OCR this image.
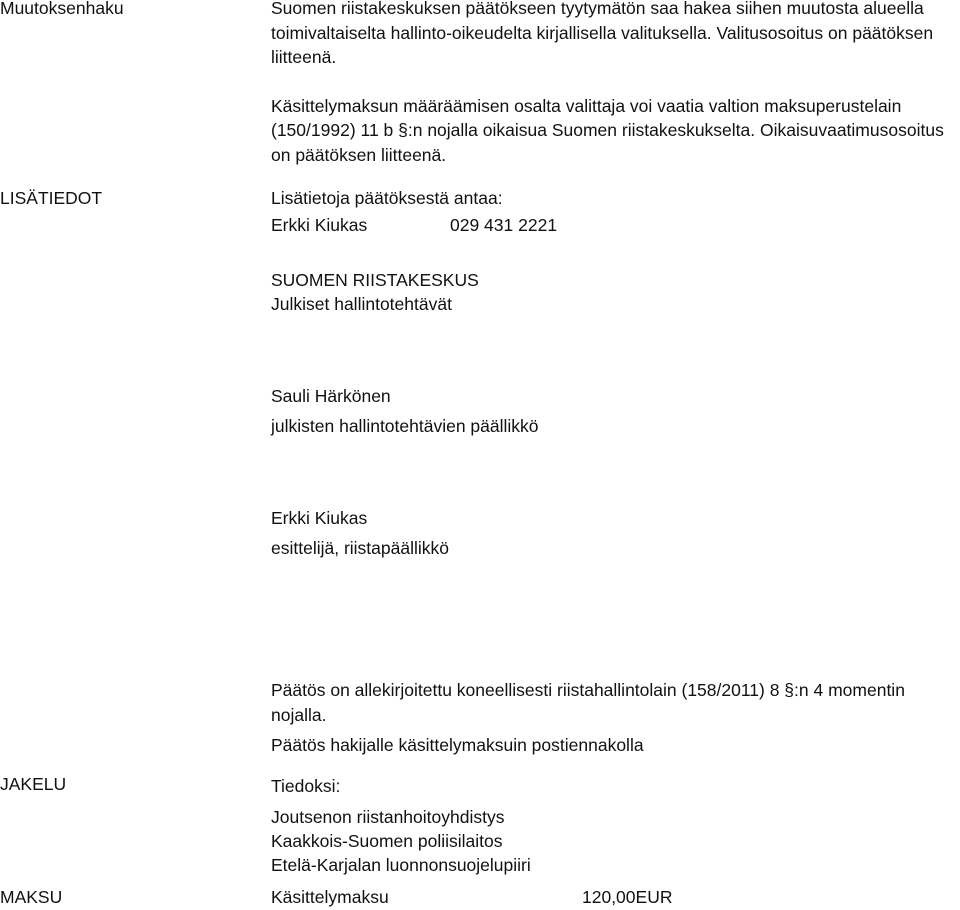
Muutoksenhaku	Suomen riistakeskuksen päätökseen tyytymätön saa hakea siihen muutosta alueella toimivaltaiselta hallinto-oikeudelta kirjallisella valituksella. Valitusosoitus on päätöksen liitteenä.

Käsittelymaksun määräämisen osalta valittaja voi vaatia valtion maksuperustelain (150/1992) 11 b §:n nojalla oikaisua Suomen riistakeskukselta. Oikaisuvaatimusosoitus on päätöksen liitteenä.

LISÄTIEDOT	Lisätietoja päätöksestä antaa:
Erkki Kiukas	029 431 2221
SUOMEN RIISTAKESKUS
Julkiset hallintotehtävät
Sauli Härkönen
julkisten hallintotehtävien päällikkö
Erkki Kiukas
esittelijä, riistapäällikkö

Päätös on allekirjoitettu koneellisesti riistahallintolain (158/2011) 8 §:n 4 momentin nojalla.

Päätös hakijalle käsittelymaksuin postiennakolla
JAKELU	Tiedoksi:
Joutsenon riistanhoitoyhdistys
Kaakkois-Suomen poliisilaitos
Etelä-Karjalan luonnonsuojelupiiri
MAKSU	Käsittelymaksu	120,00EUR
